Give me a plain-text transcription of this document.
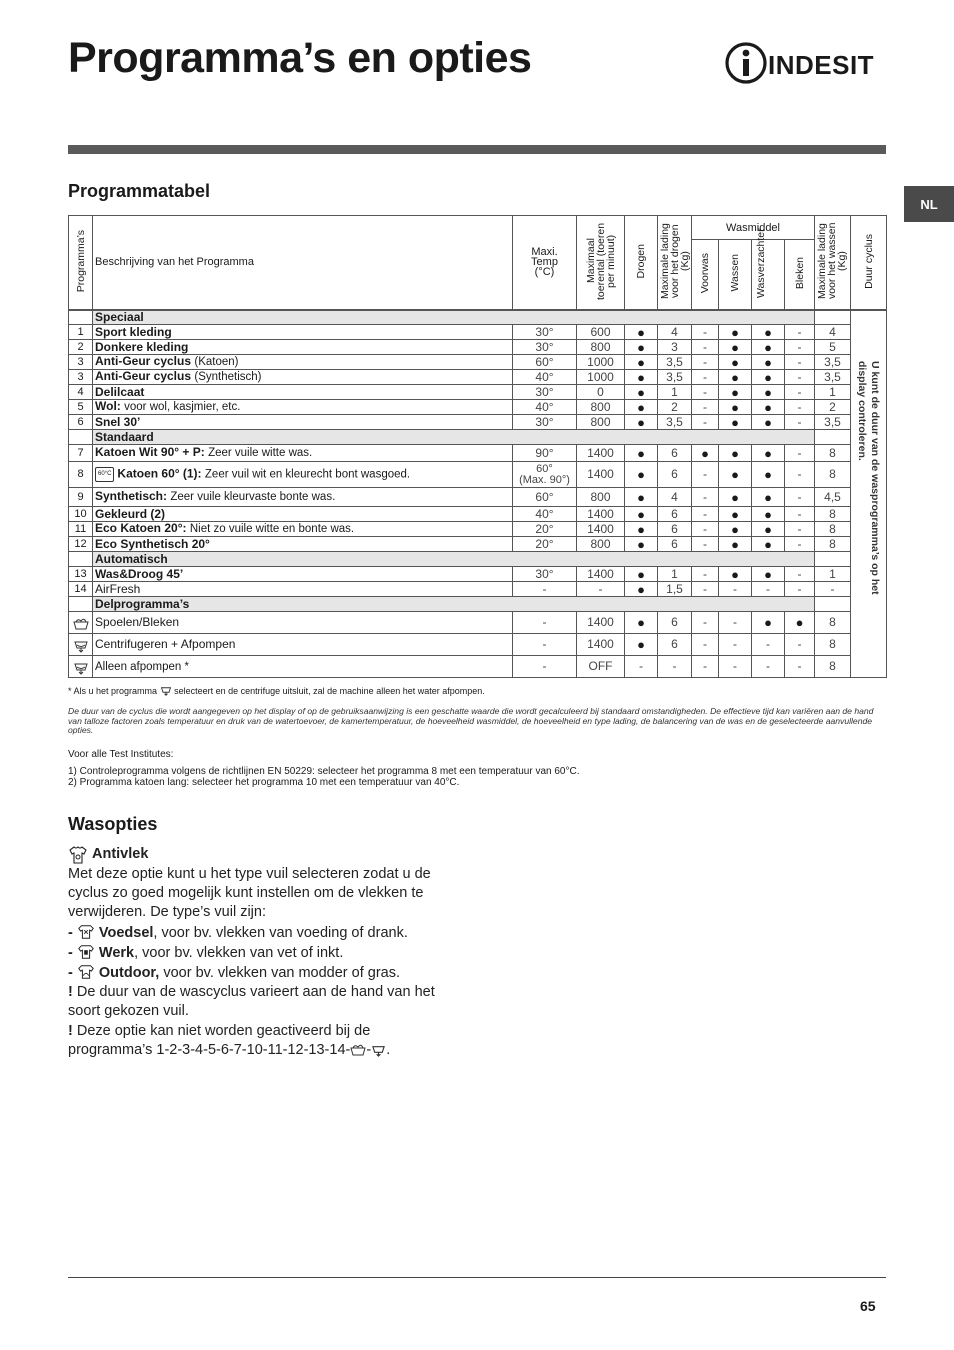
Programma’s en opties	INDESIT
NL
Programmatabel
Programma’s	Beschrijving van het Programma	Maxi. Temp (°C)	Maximaal toerental (toeren per minuut)	Drogen	Maximale lading voor het drogen (Kg)	Wasmiddel				Maximale lading voor het wassen (Kg)	Duur cyclus
						Voorwas	Wassen	Wasverzachter	Bleken		
	Speciaal										U kunt de duur van de wasprogramma’s op het display controleren.

1	Sport kleding	30°	600	●	4	-	●	●	-	4	
2	Donkere kleding	30°	800	●	3	-	●	●	-	5	
3	Anti-Geur cyclus (Katoen)	60°	1000	●	3,5	-	●	●	-	3,5	
3	Anti-Geur cyclus (Synthetisch)	40°	1000	●	3,5	-	●	●	-	3,5	
4	Delilcaat	30°	0	●	1	-	●	●	-	1	
5	Wol: voor wol, kasjmier, etc.	40°	800	●	2	-	●	●	-	2	
6	Snel 30’	30°	800	●	3,5	-	●	●	-	3,5	
	Standaard										
7	Katoen Wit 90° + P: Zeer vuile witte was.	90°	1400	●	6	●	●	●	-	8	
8	60°C Katoen 60° (1): Zeer vuil wit en kleurecht bont wasgoed.	60°
(Max. 90°)	1400	●	6	-	●	●	-	8	
9	Synthetisch: Zeer vuile kleurvaste bonte was.	60°	800	●	4	-	●	●	-	4,5	
10	Gekleurd (2)	40°	1400	●	6	-	●	●	-	8	
11	Eco Katoen 20°: Niet zo vuile witte en bonte was.	20°	1400	●	6	-	●	●	-	8	
12	Eco Synthetisch 20°	20°	800	●	6	-	●	●	-	8	
	Automatisch										
13	Was&Droog 45’	30°	1400	●	1	-	●	●	-	1	
14	AirFresh	-	-	●	1,5	-	-	-	-	-	
	Delprogramma’s										
	Spoelen/Bleken	-	1400	●	6	-	-	●	●	8	
	Centrifugeren + Afpompen	-	1400	●	6	-	-	-	-	8	
	Alleen afpompen *	-	OFF	-	-	-	-	-	-	8	
* Als u het programma selecteert en de centrifuge uitsluit, zal de machine alleen het water afpompen.
De duur van de cyclus die wordt aangegeven op het display of op de gebruiksaanwijzing is een geschatte waarde die wordt gecalculeerd bij standaard omstandigheden. De effectieve tijd kan variëren aan de hand van talloze factoren zoals temperatuur en druk van de watertoevoer, de kamertemperatuur, de hoeveelheid wasmiddel, de hoeveelheid en type lading, de balancering van de was en de geselecteerde aanvullende opties.
Voor alle Test Institutes:
1) Controleprogramma volgens de richtlijnen EN 50229: selecteer het programma 8 met een temperatuur van 60°C.
2) Programma katoen lang: selecteer het programma 10 met een temperatuur van 40°C.
Wasopties
Antivlek
Met deze optie kunt u het type vuil selecteren zodat u de cyclus zo goed mogelijk kunt instellen om de vlekken te verwijderen. De type’s vuil zijn:
-  Voedsel, voor bv. vlekken van voeding of drank.
-  Werk, voor bv. vlekken van vet of inkt.
-  Outdoor, voor bv. vlekken van modder of gras.
! De duur van de wascyclus varieert aan de hand van het soort gekozen vuil.
! Deze optie kan niet worden geactiveerd bij de programma’s 1-2-3-4-5-6-7-10-11-12-13-14- - .
65
